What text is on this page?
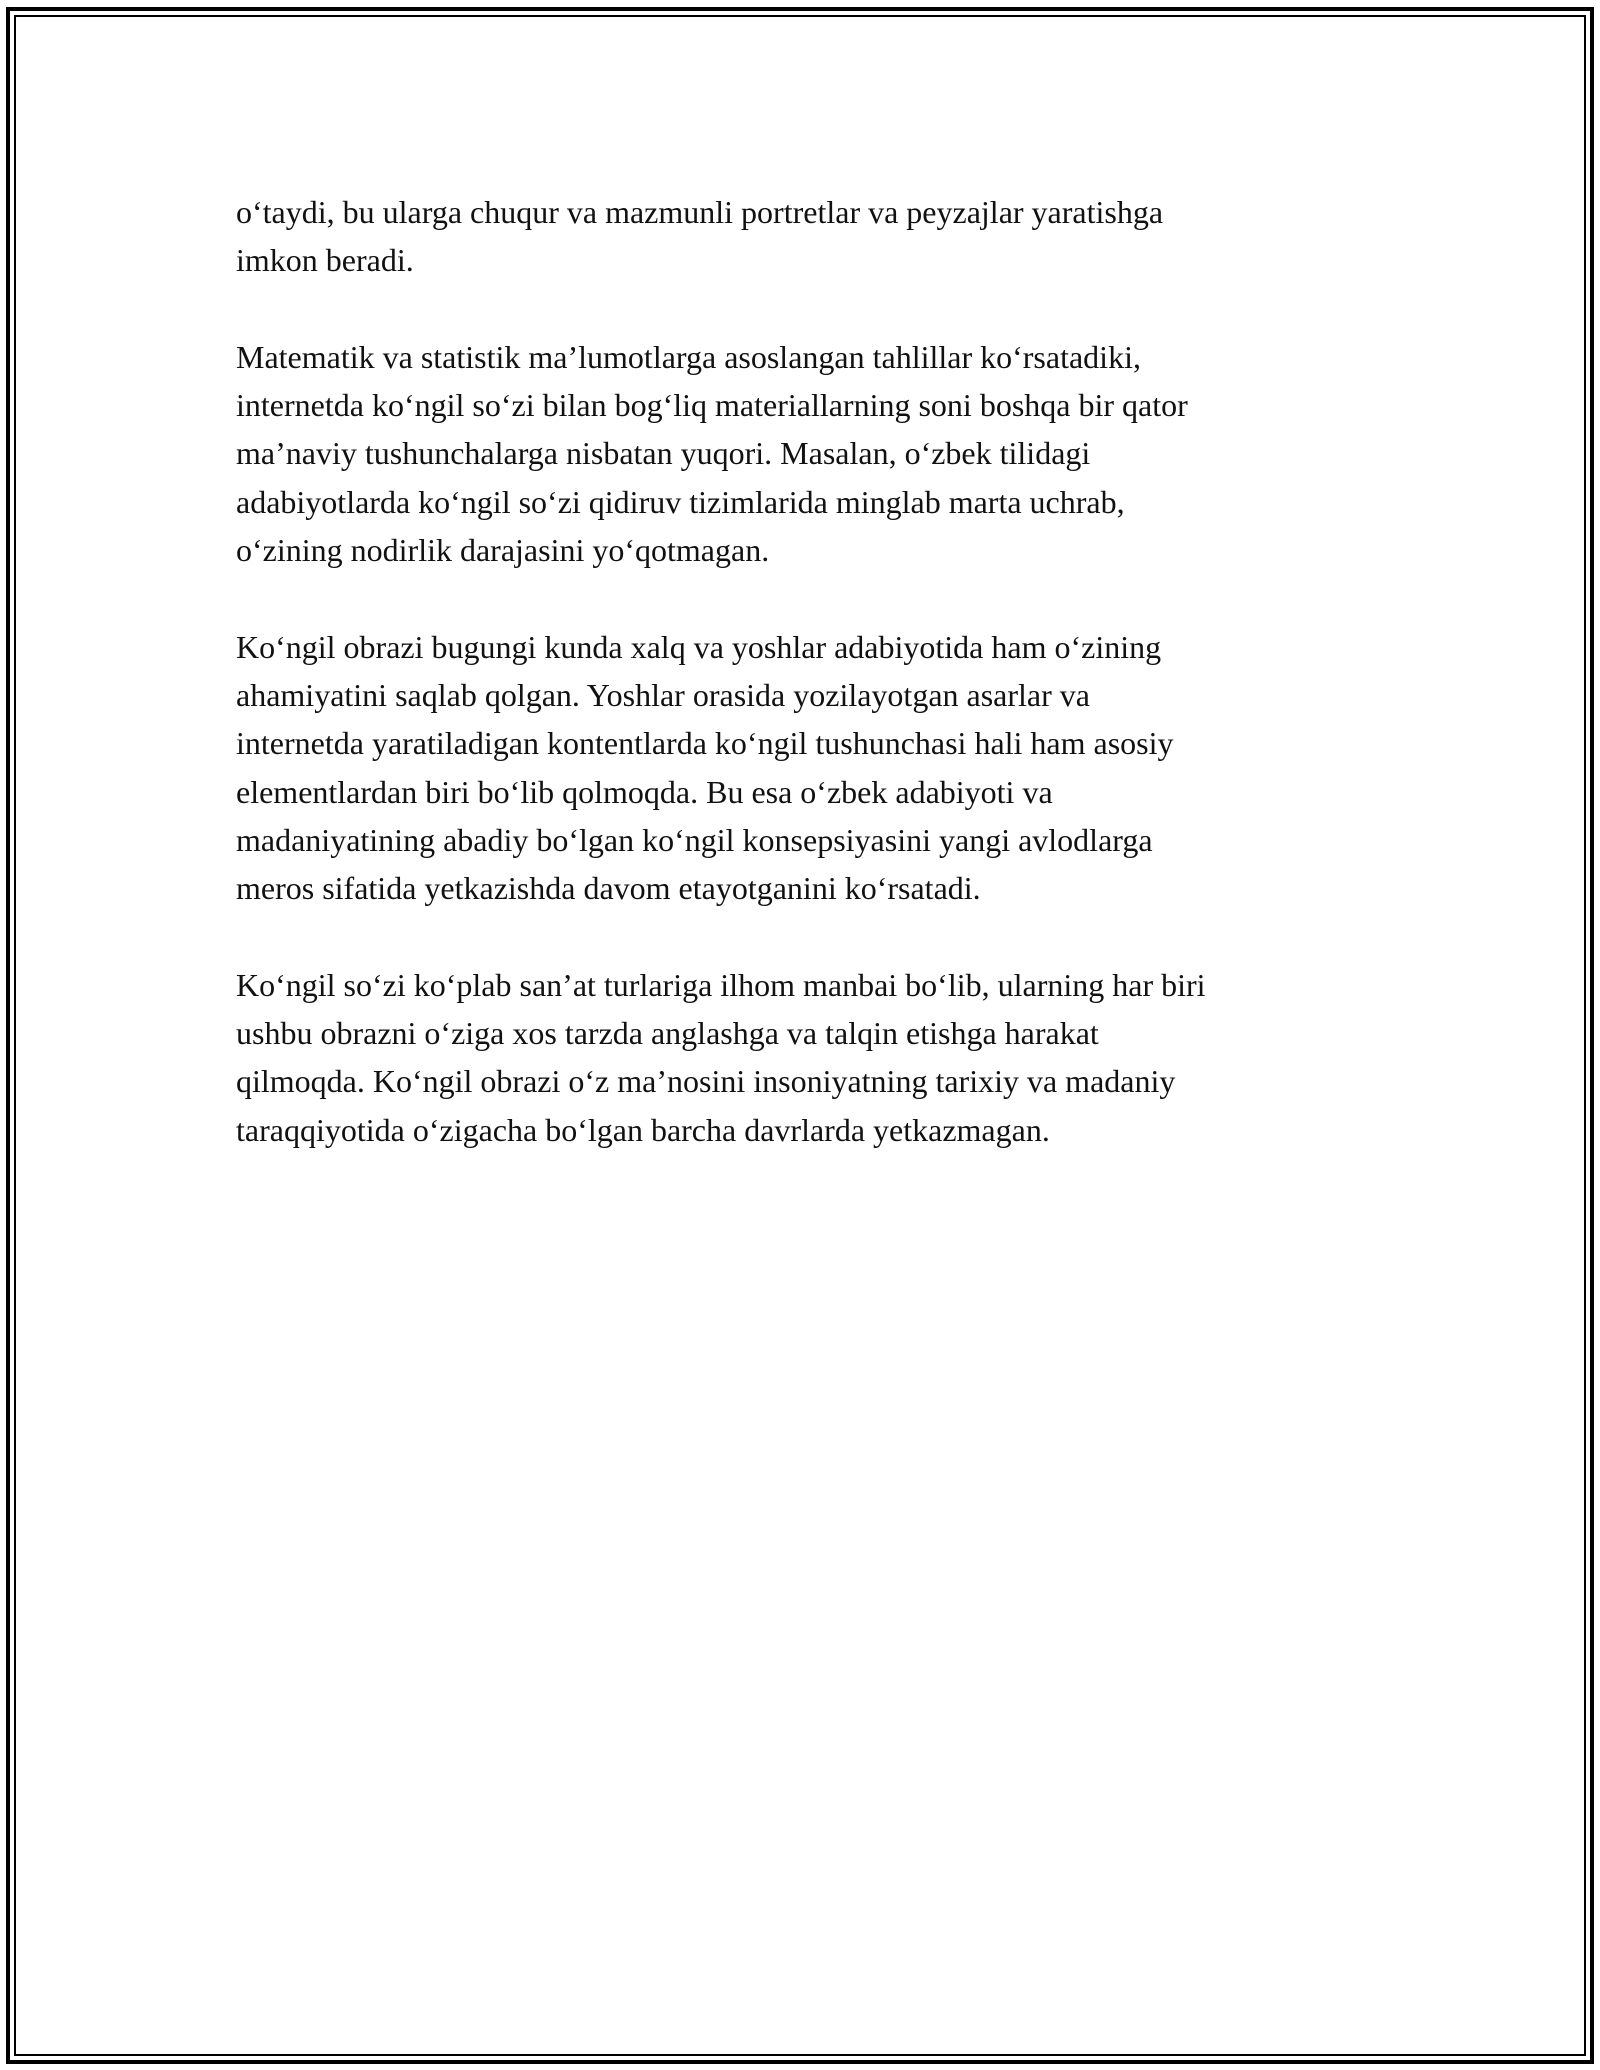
o‘taydi, bu ularga chuqur va mazmunli portretlar va peyzajlar yaratishga
imkon beradi.

Matematik va statistik ma’lumotlarga asoslangan tahlillar ko‘rsatadiki,
internetda ko‘ngil so‘zi bilan bog‘liq materiallarning soni boshqa bir qator
ma’naviy tushunchalarga nisbatan yuqori. Masalan, o‘zbek tilidagi
adabiyotlarda ko‘ngil so‘zi qidiruv tizimlarida minglab marta uchrab,
o‘zining nodirlik darajasini yo‘qotmagan.

Ko‘ngil obrazi bugungi kunda xalq va yoshlar adabiyotida ham o‘zining
ahamiyatini saqlab qolgan. Yoshlar orasida yozilayotgan asarlar va
internetda yaratiladigan kontentlarda ko‘ngil tushunchasi hali ham asosiy
elementlardan biri bo‘lib qolmoqda. Bu esa o‘zbek adabiyoti va
madaniyatining abadiy bo‘lgan ko‘ngil konsepsiyasini yangi avlodlarga
meros sifatida yetkazishda davom etayotganini ko‘rsatadi.

Ko‘ngil so‘zi ko‘plab san’at turlariga ilhom manbai bo‘lib, ularning har biri
ushbu obrazni o‘ziga xos tarzda anglashga va talqin etishga harakat
qilmoqda. Ko‘ngil obrazi o‘z ma’nosini insoniyatning tarixiy va madaniy
taraqqiyotida o‘zigacha bo‘lgan barcha davrlarda yetkazmagan.
